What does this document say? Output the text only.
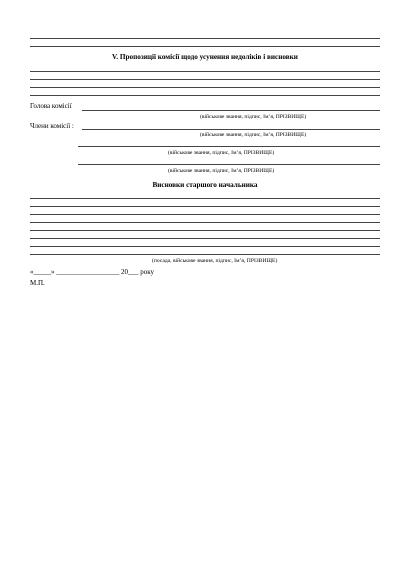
V. Пропозиції комісії щодо усунення недоліків і висновки
Голова комісії
(військове звання, підпис, Ім’я, ПРІЗВИЩЕ)
Члени комісії :
(військове звання, підпис, Ім’я, ПРІЗВИЩЕ)
(військове звання, підпис, Ім’я, ПРІЗВИЩЕ)
(військове звання, підпис, Ім’я, ПРІЗВИЩЕ)
Висновки старшого начальника
(посада, військове звання, підпис, Ім’я, ПРІЗВИЩЕ)
«_____» __________________ 20___ року
М.П.
